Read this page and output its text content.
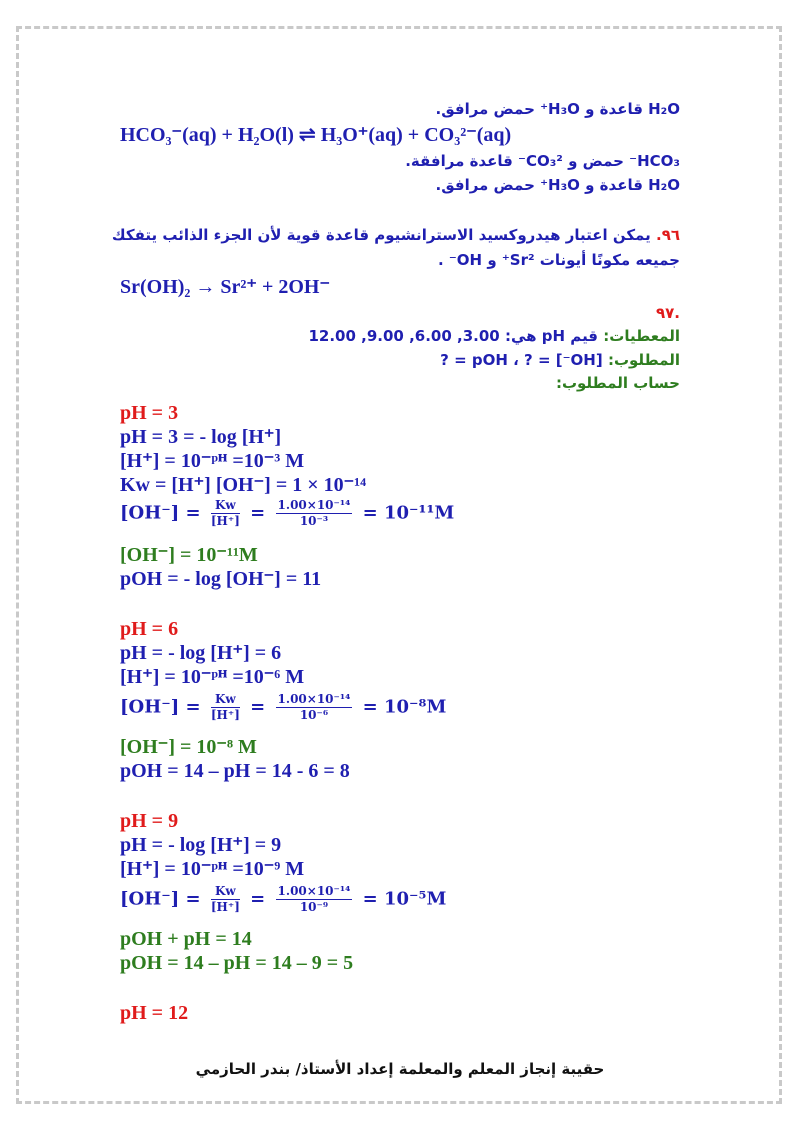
H₂O قاعدة و H₃O⁺ حمض مرافق.
HCO₃⁻(aq) + H₂O(l) ⇌ H₃O⁺(aq) + CO₃²⁻(aq)
HCO₃⁻ حمض و CO₃²⁻ قاعدة مرافقة.
H₂O قاعدة و H₃O⁺ حمض مرافق.
٩٦. يمكن اعتبار هيدروكسيد الاسترانشيوم قاعدة قوية لأن الجزء الذائب يتفكك
جميعه مكونًا أيونات Sr²⁺ و OH⁻ .
Sr(OH)₂ → Sr²⁺ + 2OH⁻
.٩٧
المعطيات: قيم pH هي: 3.00, 6.00, 9.00, 12.00
المطلوب: [OH⁻] = ? ، pOH = ?
حساب المطلوب:
pH = 3
pH = 3 = - log [H⁺]
[H⁺] = 10⁻ᵖᴴ =10⁻³ M
Kw = [H⁺] [OH⁻] = 1 × 10⁻¹⁴
$[OH^-] = \frac{Kw}{[H^+]} = \frac{\text{1.00×10⁻¹⁴}}{\text{10⁻³}} = 10^{-11}M$
[OH⁻] = 10⁻¹¹M
pOH = - log [OH⁻] = 11
pH = 6
pH = - log [H⁺] = 6
[H⁺] = 10⁻ᵖᴴ =10⁻⁶ M
$[OH^-] = \frac{Kw}{[H^+]} = \frac{\text{1.00×10⁻¹⁴}}{\text{10⁻⁶}} = 10^{-8}M$
[OH⁻] = 10⁻⁸ M
pOH = 14 – pH = 14 - 6 = 8
pH = 9
pH = - log [H⁺] = 9
[H⁺] = 10⁻ᵖᴴ =10⁻⁹ M
$[OH^-] = \frac{Kw}{[H^+]} = \frac{\text{1.00×10⁻¹⁴}}{\text{10⁻⁹}} = 10^{-5}M$
pOH + pH = 14
pOH = 14 – pH = 14 – 9 = 5
pH = 12
حقيبة إنجاز المعلم والمعلمة إعداد الأستاذ/ بندر الحازمي
